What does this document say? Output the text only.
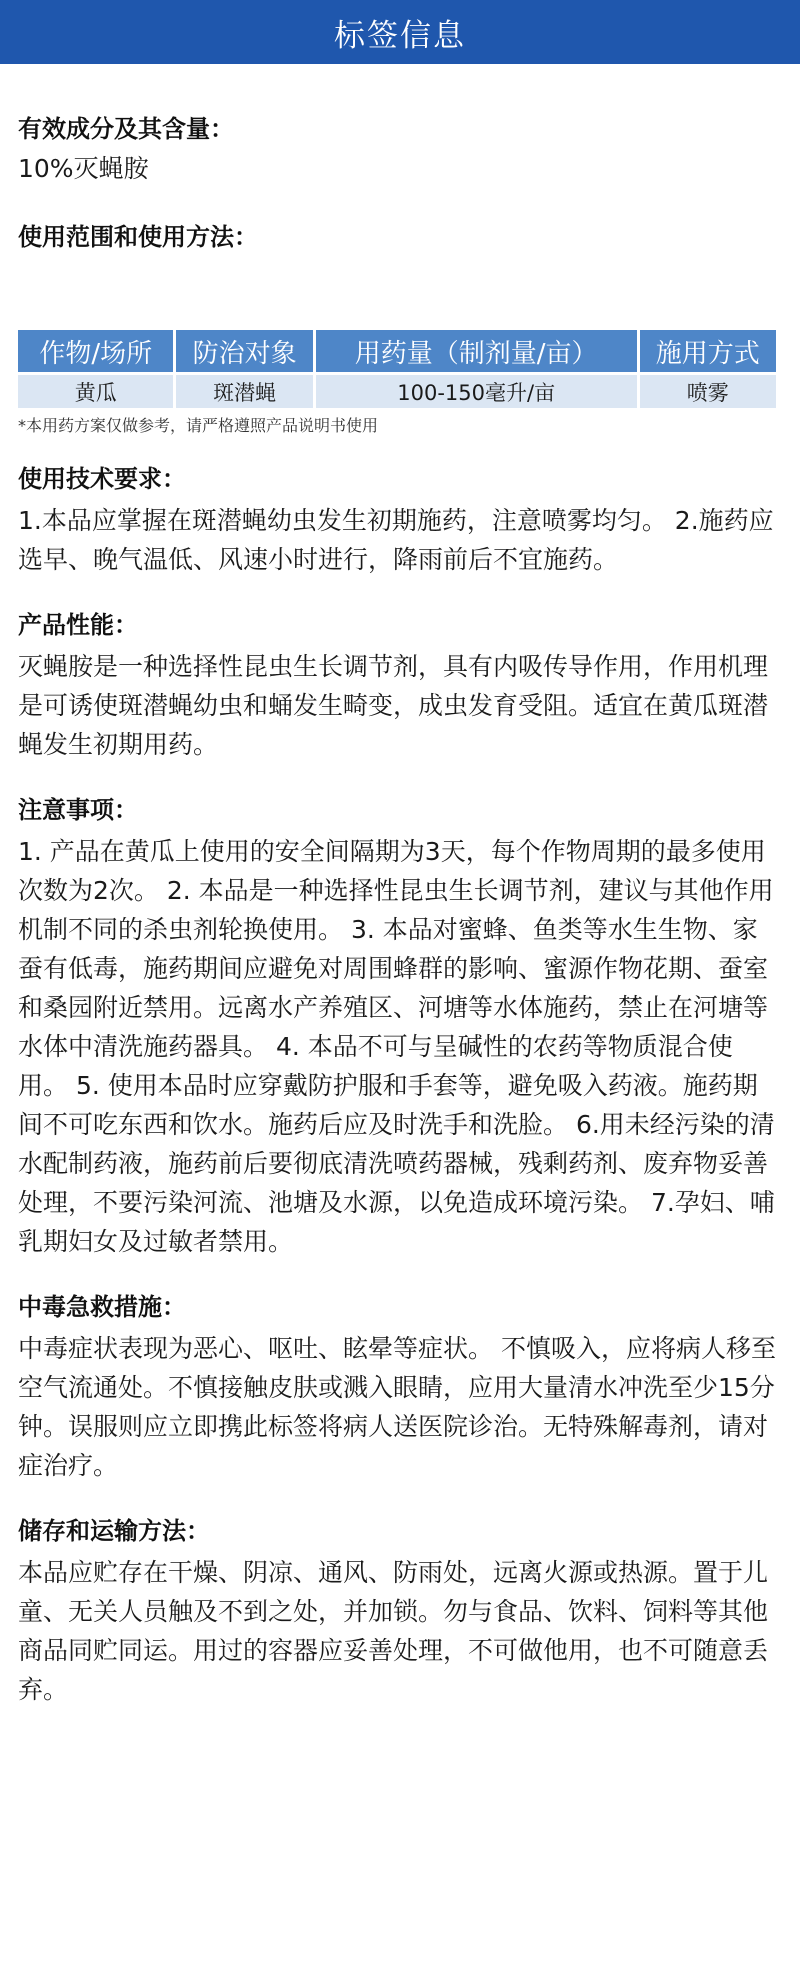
标签信息
有效成分及其含量：
10%灭蝇胺
使用范围和使用方法：
作物/场所	防治对象	用药量（制剂量/亩）	施用方式
黄瓜	斑潜蝇	100-150毫升/亩	喷雾
*本用药方案仅做参考，请严格遵照产品说明书使用
使用技术要求：
1.本品应掌握在斑潜蝇幼虫发生初期施药，注意喷雾均匀。 2.施药应选早、晚气温低、风速小时进行，降雨前后不宜施药。
产品性能：
灭蝇胺是一种选择性昆虫生长调节剂，具有内吸传导作用，作用机理是可诱使斑潜蝇幼虫和蛹发生畸变，成虫发育受阻。适宜在黄瓜斑潜蝇发生初期用药。
注意事项：
1. 产品在黄瓜上使用的安全间隔期为3天，每个作物周期的最多使用次数为2次。 2. 本品是一种选择性昆虫生长调节剂，建议与其他作用机制不同的杀虫剂轮换使用。 3. 本品对蜜蜂、鱼类等水生生物、家蚕有低毒，施药期间应避免对周围蜂群的影响、蜜源作物花期、蚕室和桑园附近禁用。远离水产养殖区、河塘等水体施药，禁止在河塘等水体中清洗施药器具。 4. 本品不可与呈碱性的农药等物质混合使用。 5. 使用本品时应穿戴防护服和手套等，避免吸入药液。施药期间不可吃东西和饮水。施药后应及时洗手和洗脸。 6.用未经污染的清水配制药液，施药前后要彻底清洗喷药器械，残剩药剂、废弃物妥善处理，不要污染河流、池塘及水源，以免造成环境污染。 7.孕妇、哺乳期妇女及过敏者禁用。
中毒急救措施：
中毒症状表现为恶心、呕吐、眩晕等症状。 不慎吸入，应将病人移至空气流通处。不慎接触皮肤或溅入眼睛，应用大量清水冲洗至少15分钟。误服则应立即携此标签将病人送医院诊治。无特殊解毒剂，请对症治疗。
储存和运输方法：
本品应贮存在干燥、阴凉、通风、防雨处，远离火源或热源。置于儿童、无关人员触及不到之处，并加锁。勿与食品、饮料、饲料等其他商品同贮同运。用过的容器应妥善处理，不可做他用，也不可随意丢弃。
